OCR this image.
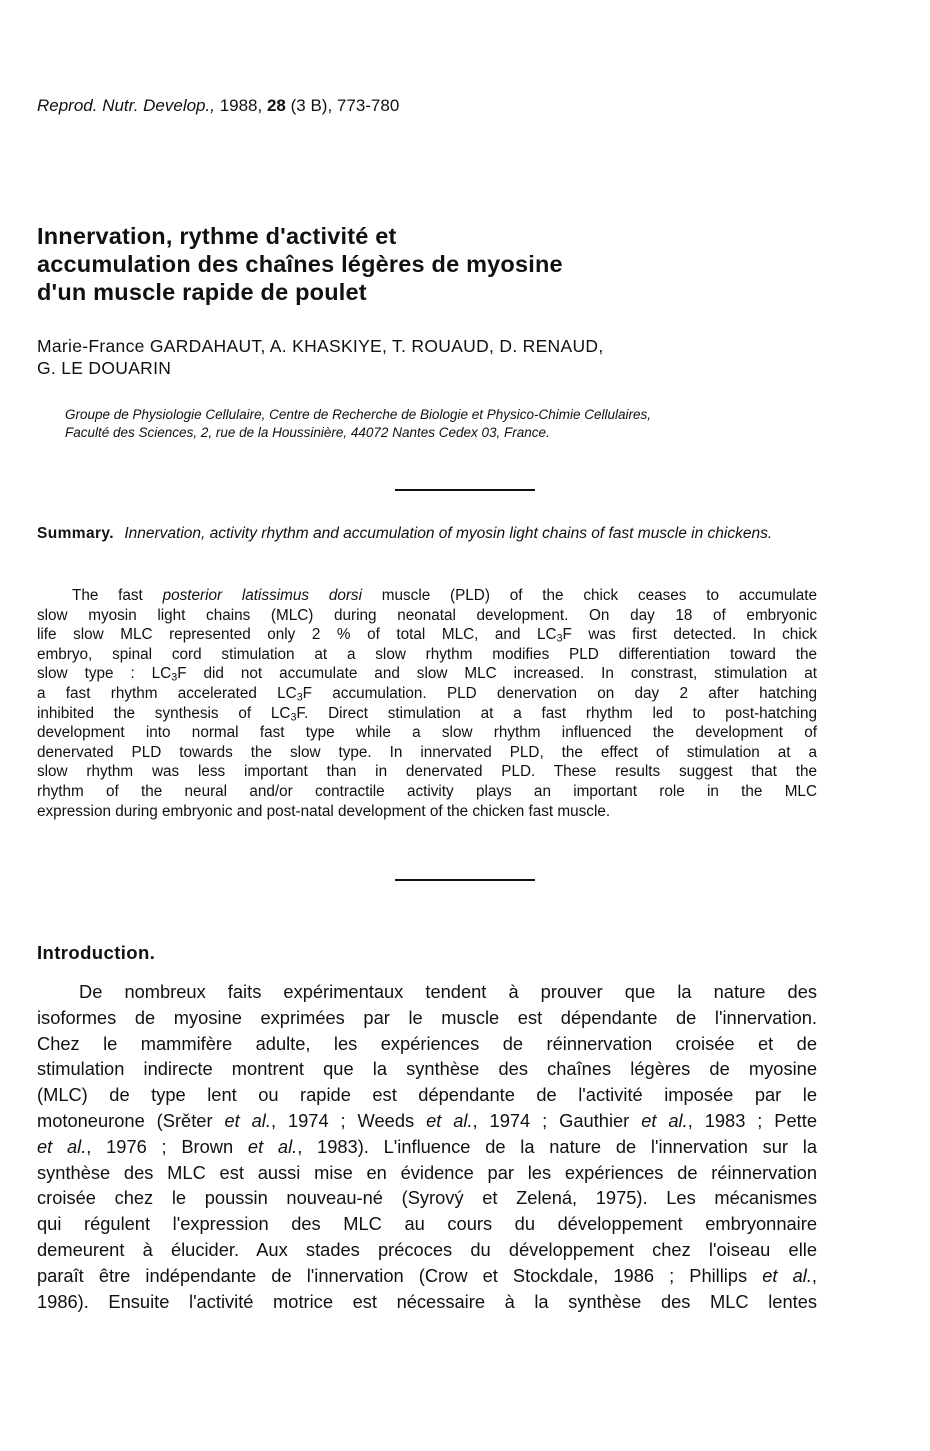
Reprod. Nutr. Develop., 1988, 28 (3 B), 773-780
Innervation, rythme d'activité et
accumulation des chaînes légères de myosine
d'un muscle rapide de poulet
Marie-France GARDAHAUT, A. KHASKIYE, T. ROUAUD, D. RENAUD,
G. LE DOUARIN
Groupe de Physiologie Cellulaire, Centre de Recherche de Biologie et Physico-Chimie Cellulaires,
Faculté des Sciences, 2, rue de la Houssinière, 44072 Nantes Cedex 03, France.
Summary. Innervation, activity rhythm and accumulation of myosin light chains of fast muscle in chickens.
The fast posterior latissimus dorsi muscle (PLD) of the chick ceases to accumulate
slow myosin light chains (MLC) during neonatal development. On day 18 of embryonic
life slow MLC represented only 2 % of total MLC, and $LC_3F$ was first detected. In chick
embryo, spinal cord stimulation at a slow rhythm modifies PLD differentiation toward the
slow type : $LC_3F$ did not accumulate and slow MLC increased. In constrast, stimulation at
a fast rhythm accelerated $LC_3F$ accumulation. PLD denervation on day 2 after hatching
inhibited the synthesis of $LC_3F$. Direct stimulation at a fast rhythm led to post-hatching
development into normal fast type while a slow rhythm influenced the development of
denervated PLD towards the slow type. In innervated PLD, the effect of stimulation at a
slow rhythm was less important than in denervated PLD. These results suggest that the
rhythm of the neural and/or contractile activity plays an important role in the MLC
expression during embryonic and post-natal development of the chicken fast muscle.
Introduction.
De nombreux faits expérimentaux tendent à prouver que la nature des
isoformes de myosine exprimées par le muscle est dépendante de l'innervation.
Chez le mammifère adulte, les expériences de réinnervation croisée et de
stimulation indirecte montrent que la synthèse des chaînes légères de myosine
(MLC) de type lent ou rapide est dépendante de l'activité imposée par le
motoneurone (Srěter et al., 1974 ; Weeds et al., 1974 ; Gauthier et al., 1983 ; Pette
et al., 1976 ; Brown et al., 1983). L'influence de la nature de l'innervation sur la
synthèse des MLC est aussi mise en évidence par les expériences de réinnervation
croisée chez le poussin nouveau-né (Syrový et Zelená, 1975). Les mécanismes
qui régulent l'expression des MLC au cours du développement embryonnaire
demeurent à élucider. Aux stades précoces du développement chez l'oiseau elle
paraît être indépendante de l'innervation (Crow et Stockdale, 1986 ; Phillips et al.,
1986). Ensuite l'activité motrice est nécessaire à la synthèse des MLC lentes
